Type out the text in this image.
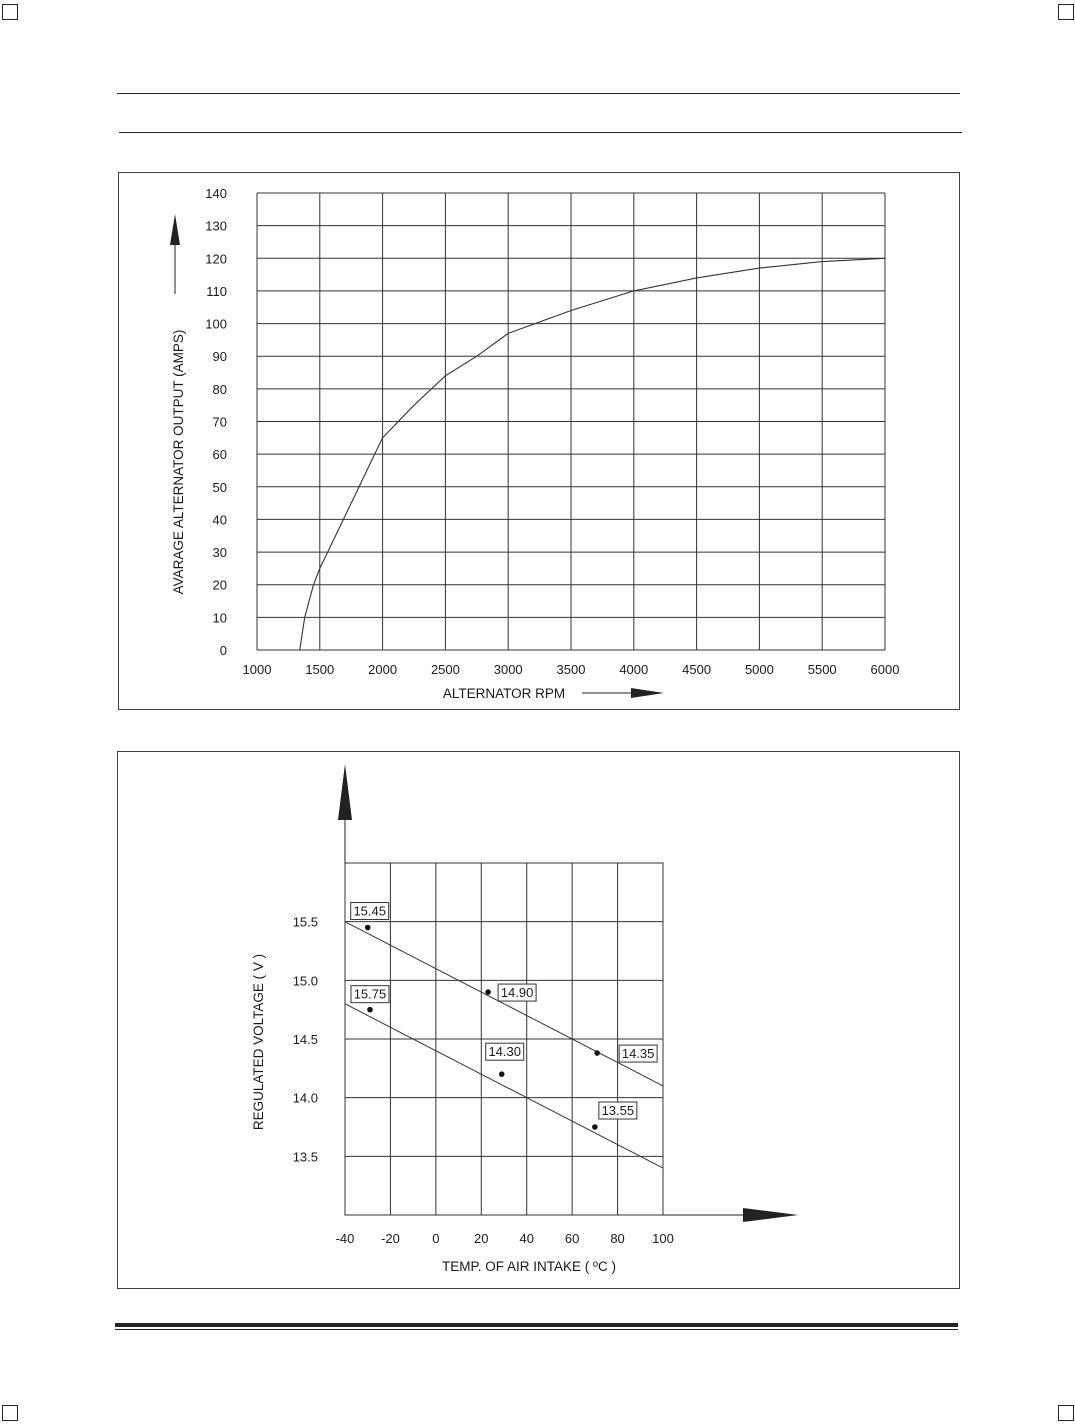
1000	1500	2000	2500	3000	3500	4000	4500	5000	5500	6000
0
10
20
30
40
50
60
70
80
90
100
110
120
130
140
ALTERNATOR RPM
AVARAGE ALTERNATOR OUTPUT (AMPS)
-40 -20 0	20 40 60 80 100
13.5
14.0
14.5
15.0
15.5
15.45
14.90
14.35
15.75
14.30
13.55
TEMP. OF AIR INTAKE ( ºC )
REGULATED VOLTAGE ( V )
